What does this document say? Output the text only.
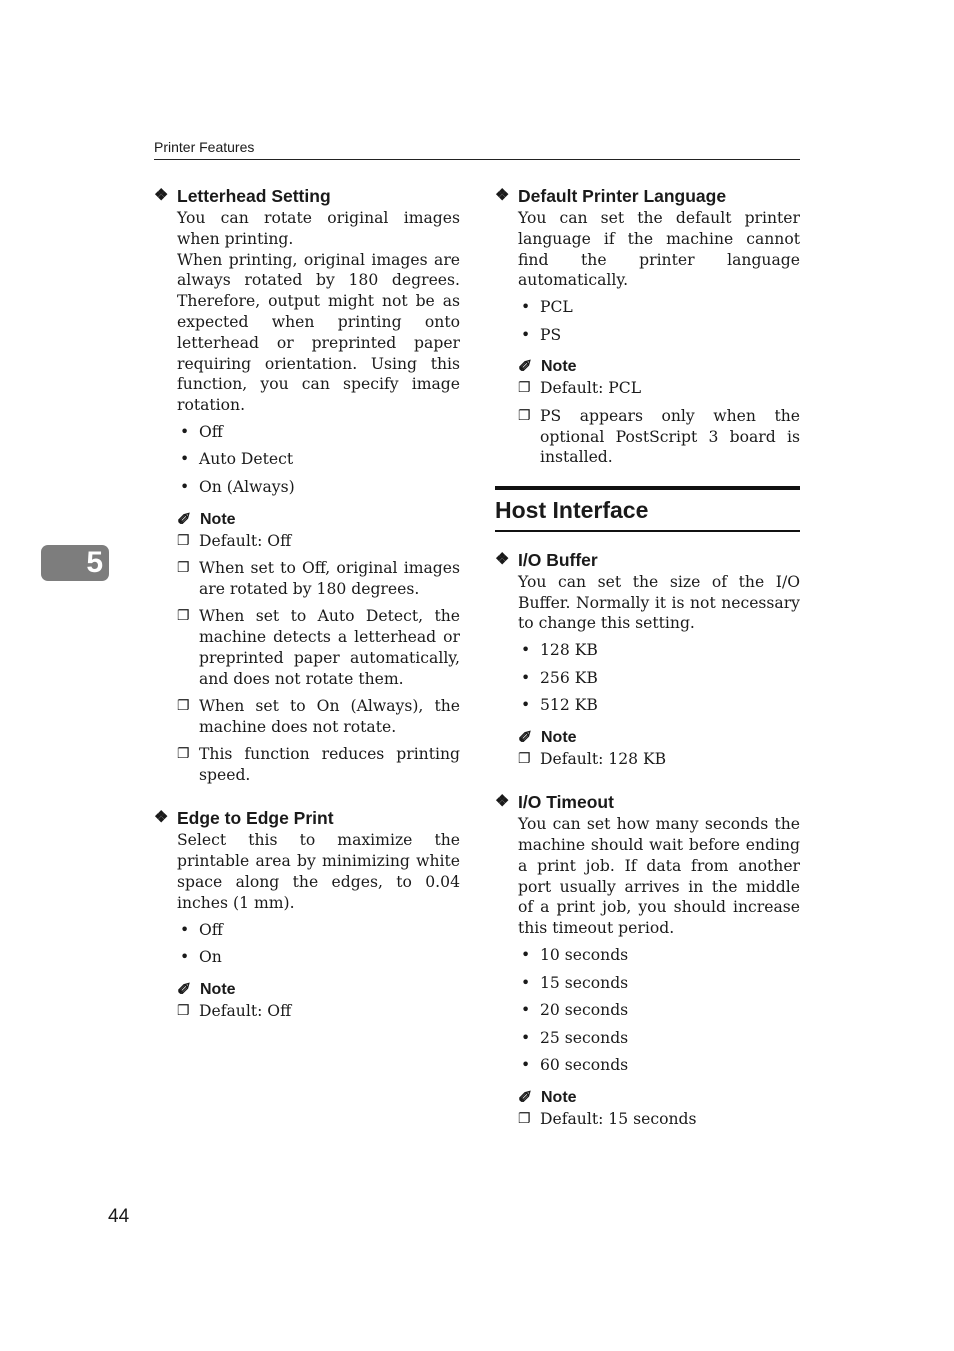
Printer Features
5
❖ Letterhead Setting

You can rotate original images when printing.

When printing, original images are always rotated by 180 degrees. Therefore, output might not be as expected when printing onto letterhead or preprinted paper requiring orientation. Using this function, you can specify image rotation.

• Off
• Auto Detect
• On (Always)
✐ Note
❐ Default: Off
❐ When set to Off, original images are rotated by 180 degrees.
❐ When set to Auto Detect, the machine detects a letterhead or preprinted paper automatically, and does not rotate them.
❐ When set to On (Always), the machine does not rotate.
❐ This function reduces printing speed.
❖ Edge to Edge Print

Select this to maximize the printable area by minimizing white space along the edges, to 0.04 inches (1 mm).

• Off
• On
✐ Note
❐ Default: Off
❖ Default Printer Language

You can set the default printer language if the machine cannot find the printer language automatically.

• PCL
• PS
✐ Note
❐ Default: PCL
❐ PS appears only when the optional PostScript 3 board is installed.
Host Interface
❖ I/O Buffer

You can set the size of the I/O Buffer. Normally it is not necessary to change this setting.

• 128 KB
• 256 KB
• 512 KB
✐ Note
❐ Default: 128 KB
❖ I/O Timeout

You can set how many seconds the machine should wait before ending a print job. If data from another port usually arrives in the middle of a print job, you should increase this timeout period.

• 10 seconds
• 15 seconds
• 20 seconds
• 25 seconds
• 60 seconds
✐ Note
❐ Default: 15 seconds
44
